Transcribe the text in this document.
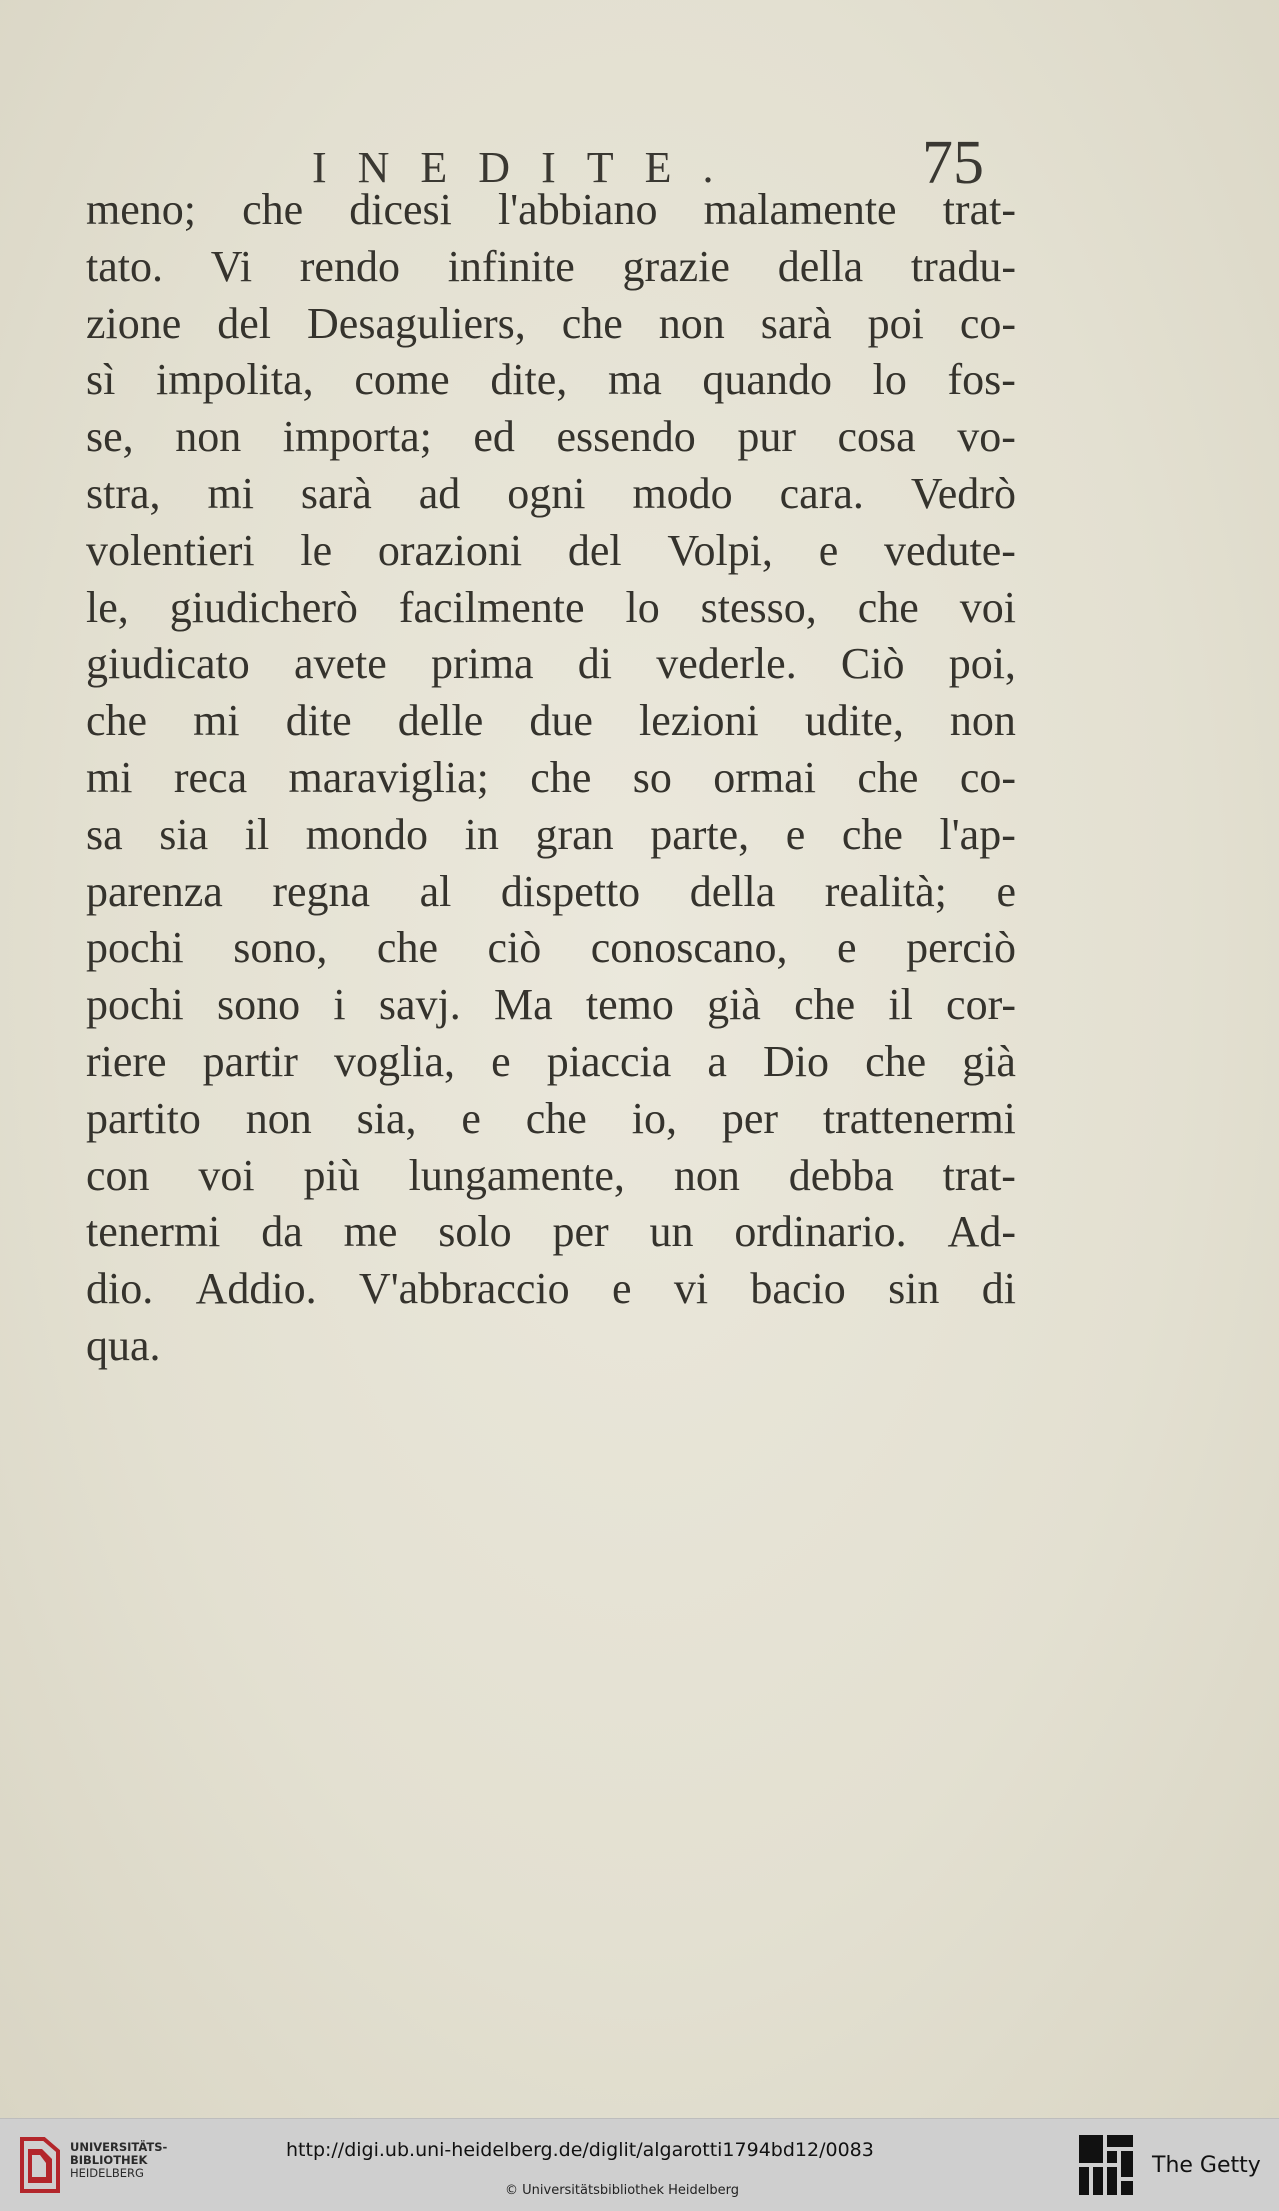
INEDITE.	75
meno; che dicesi l'abbiano malamente trat-
tato. Vi rendo infinite grazie della tradu-
zione del Desaguliers, che non sarà poi co-
sì impolita, come dite, ma quando lo fos-
se, non importa; ed essendo pur cosa vo-
stra, mi sarà ad ogni modo cara. Vedrò
volentieri le orazioni del Volpi, e vedute-
le, giudicherò facilmente lo stesso, che voi
giudicato avete prima di vederle. Ciò poi,
che mi dite delle due lezioni udite, non
mi reca maraviglia; che so ormai che co-
sa sia il mondo in gran parte, e che l'ap-
parenza regna al dispetto della realità; e
pochi sono, che ciò conoscano, e perciò
pochi sono i savj. Ma temo già che il cor-
riere partir voglia, e piaccia a Dio che già
partito non sia, e che io, per trattenermi
con voi più lungamente, non debba trat-
tenermi da me solo per un ordinario. Ad-
dio. Addio. V'abbraccio e vi bacio sin di
qua.
UNIVERSITÄTS-
BIBLIOTHEK
HEIDELBERG
http://digi.ub.uni-heidelberg.de/diglit/algarotti1794bd12/0083
© Universitätsbibliothek Heidelberg
The Getty
